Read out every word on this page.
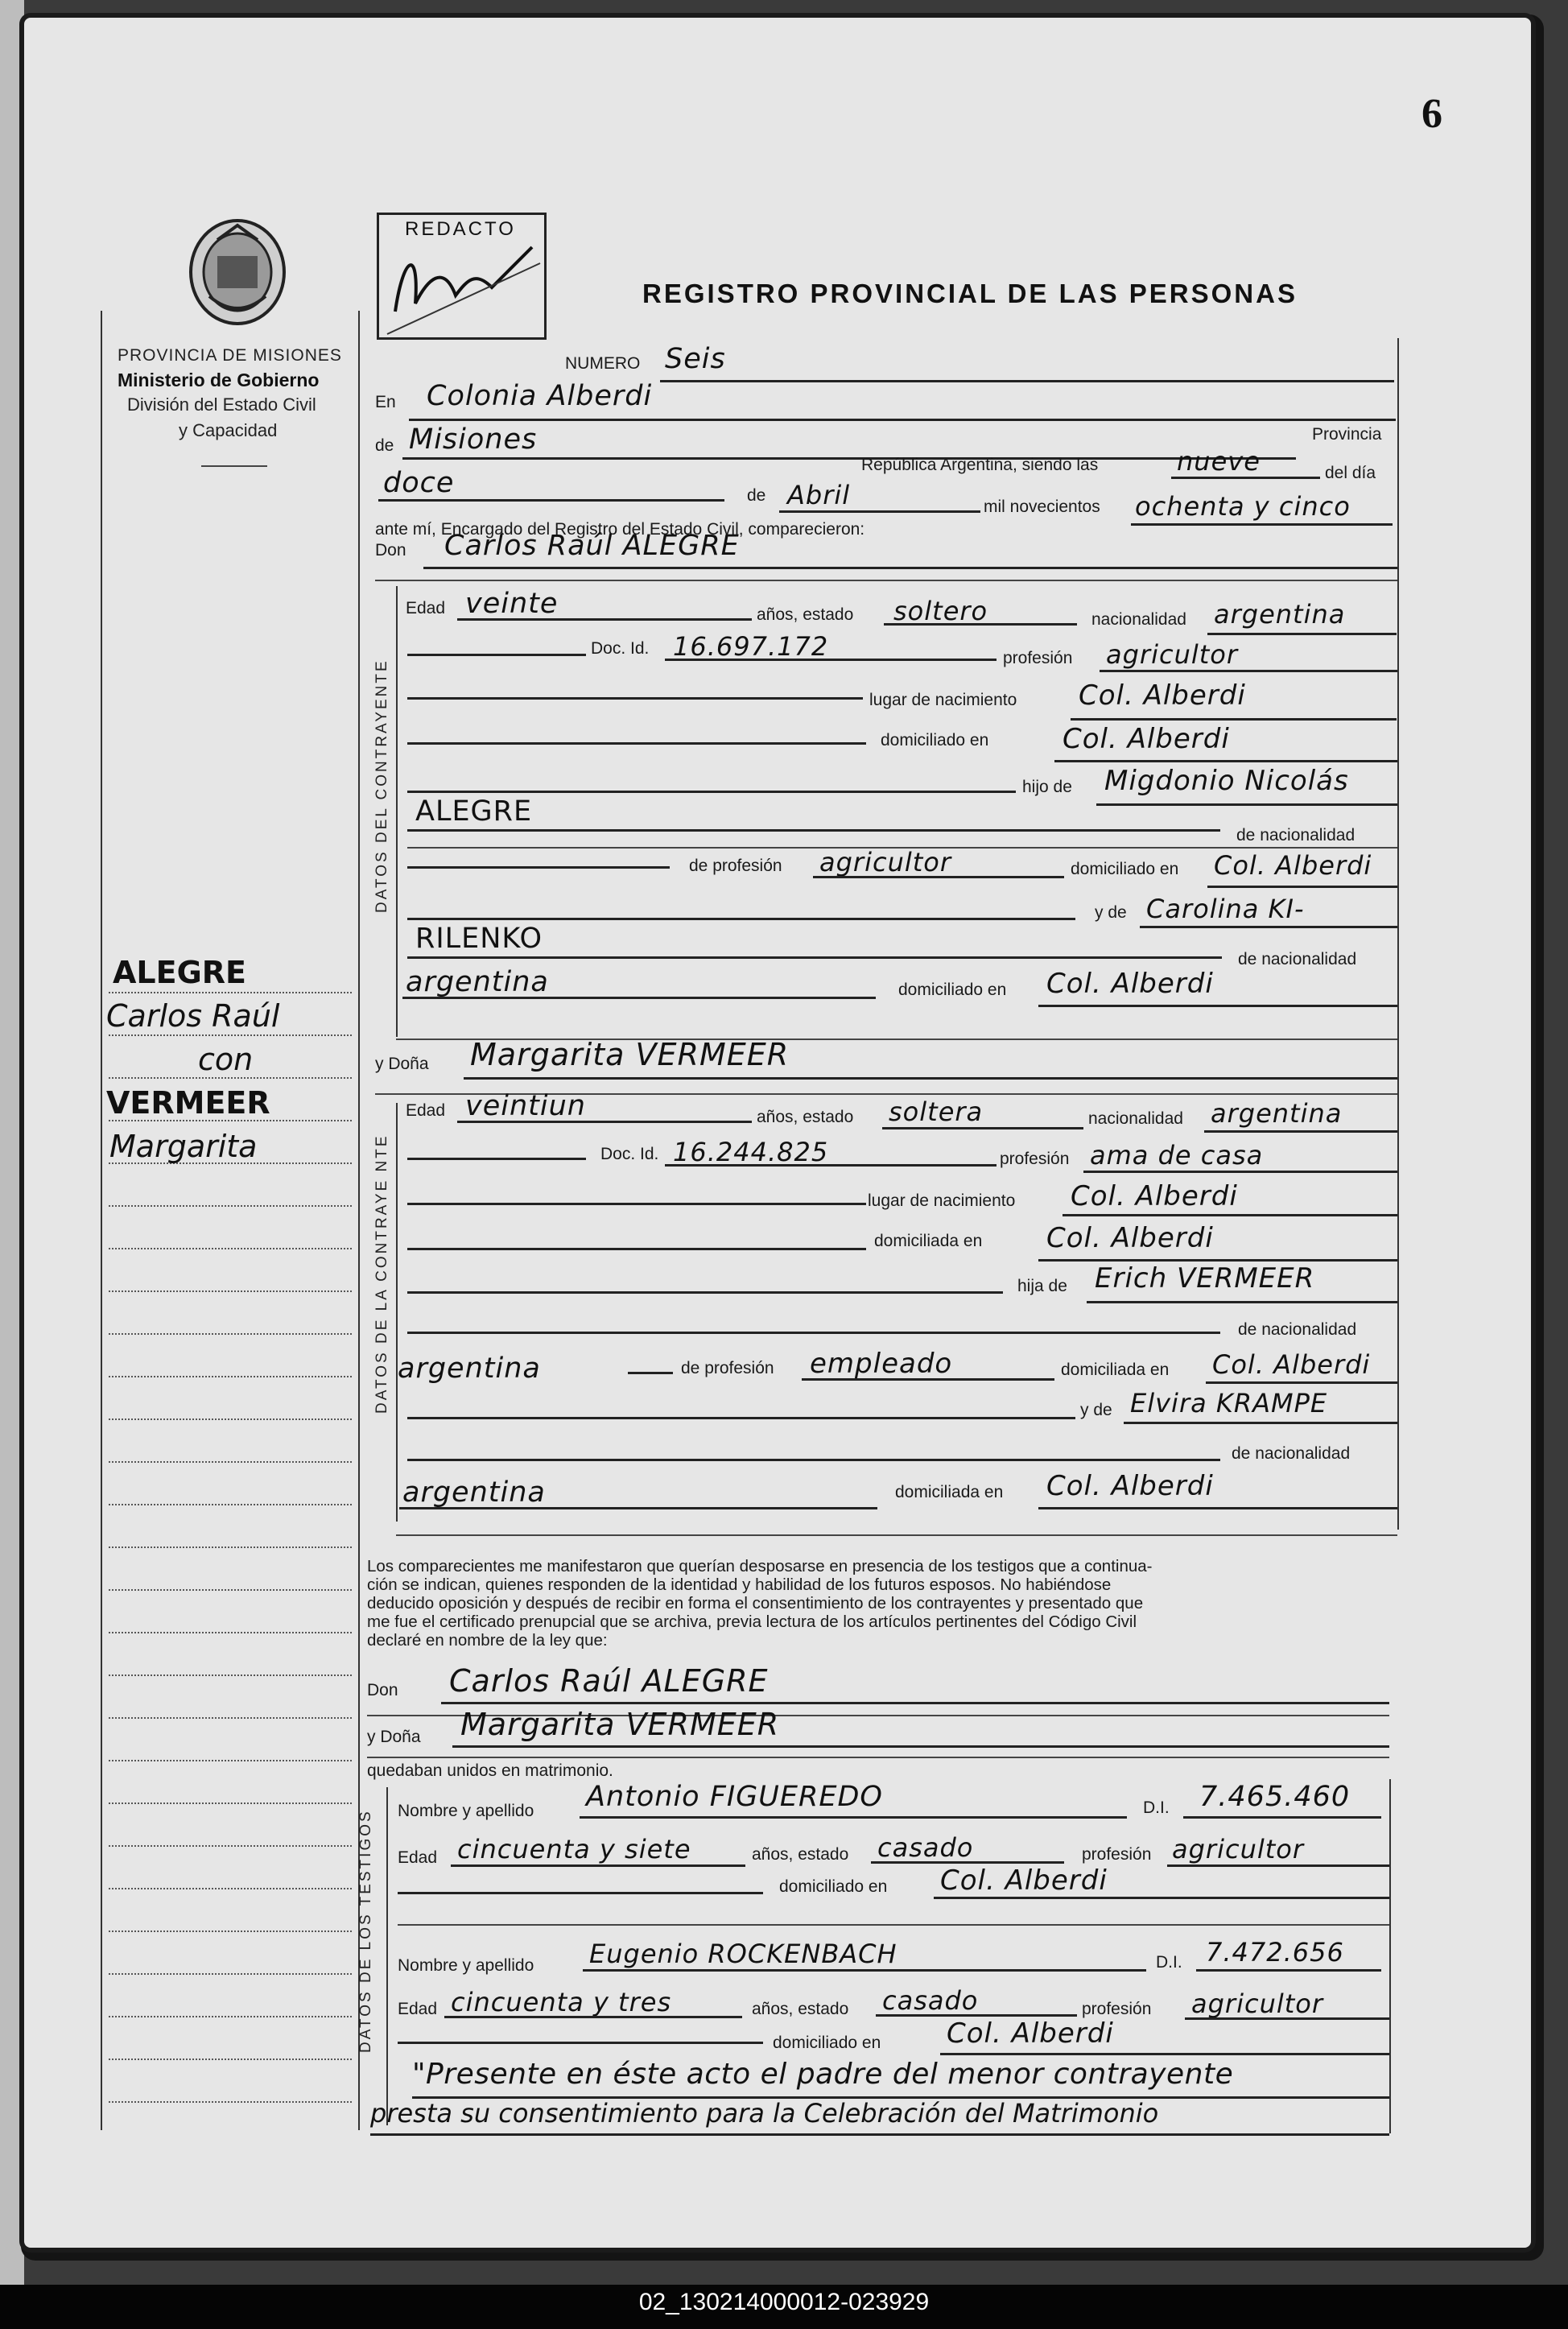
6
PROVINCIA DE MISIONES
Ministerio de Gobierno
División del Estado Civil
y Capacidad
REDACTO
REGISTRO PROVINCIAL DE LAS PERSONAS
ALEGRE
Carlos Raúl
con
VERMEER
Margarita
NUMERO Seis
En Colonia Alberdi
de Misiones	Provincia
República Argentina, siendo las	nueve	del día
doce	de Abril	mil novecientos ochenta y cinco
ante mí, Encargado del Registro del Estado Civil, comparecieron:
Don Carlos Raúl ALEGRE
DATOS DEL CONTRAYENTE
Edad veinte	años, estado soltero	nacionalidad argentina
Doc. Id. 16.697.172	profesión agricultor
lugar de nacimiento Col. Alberdi
domiciliado en	Col. Alberdi
hijo de Migdonio Nicolás
ALEGRE
de nacionalidad
de profesión agricultor	domiciliado en Col. Alberdi
y de Carolina KI-
RILENKO
de nacionalidad
argentina	domiciliado en Col. Alberdi
y Doña Margarita VERMEER
DATOS DE LA CONTRAYE NTE
Edad veintiun	años, estado soltera	nacionalidad argentina
Doc. Id. 16.244.825	profesión ama de casa
lugar de nacimiento Col. Alberdi
domiciliada en Col. Alberdi
hija de Erich VERMEER
de nacionalidad
argentina	de profesión empleado	domiciliada en Col. Alberdi
y de Elvira KRAMPE
de nacionalidad
argentina	domiciliada en Col. Alberdi
Los comparecientes me manifestaron que querían desposarse en presencia de los testigos que a continua-
ción se indican, quienes responden de la identidad y habilidad de los futuros esposos. No habiéndose
deducido oposición y después de recibir en forma el consentimiento de los contrayentes y presentado que
me fue el certificado prenupcial que se archiva, previa lectura de los artículos pertinentes del Código Civil
declaré en nombre de la ley que:
Don Carlos Raúl ALEGRE
y Doña Margarita VERMEER
quedaban unidos en matrimonio.
DATOS DE LOS TESTIGOS Nombre y apellido Antonio FIGUEREDO	D.I. 7.465.460
Edad cincuenta y siete	años, estado casado	profesión agricultor
domiciliado en Col. Alberdi
Nombre y apellido Eugenio ROCKENBACH	D.I. 7.472.656
Edad cincuenta y tres	años, estado casado	profesión agricultor
domiciliado en Col. Alberdi
"Presente en éste acto el padre del menor contrayente
presta su consentimiento para la Celebración del Matrimonio
02_130214000012-023929
